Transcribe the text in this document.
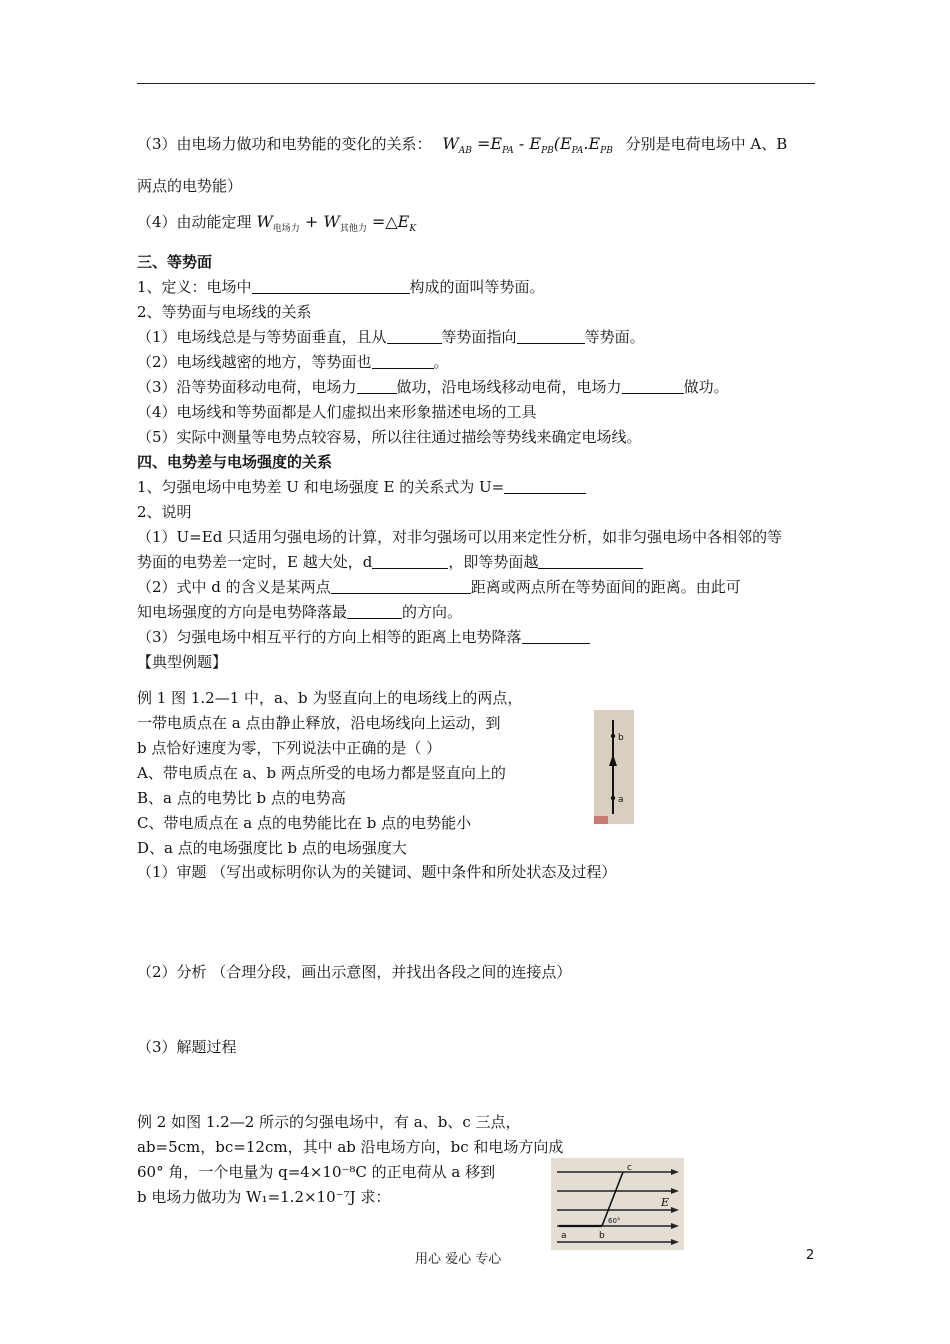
（3）由电场力做功和电势能的变化的关系： $W_{AB} =E_{PA} - E_{PB}(E_{PA}.E_{PB}$ 分别是电荷电场中 A、B
两点的电势能）
（4）由动能定理 $W_{电场力} + W_{其他力}$ $=\triangle E_K$
三、等势面
1、定义：电场中	构成的面叫等势面。
2、等势面与电场线的关系
（1）电场线总是与等势面垂直，且从	等势面指向	等势面。
（2）电场线越密的地方，等势面也	。
（3）沿等势面移动电荷，电场力	做功，沿电场线移动电荷，电场力	做功。
（4）电场线和等势面都是人们虚拟出来形象描述电场的工具
（5）实际中测量等电势点较容易，所以往往通过描绘等势线来确定电场线。
四、电势差与电场强度的关系
1、匀强电场中电势差 U 和电场强度 E 的关系式为 U=
2、说明
（1）U=Ed 只适用匀强电场的计算，对非匀强场可以用来定性分析，如非匀强电场中各相邻的等
势面的电势差一定时，E 越大处，d	，即等势面越
（2）式中 d 的含义是某两点	距离或两点所在等势面间的距离。由此可
知电场强度的方向是电势降落最	的方向。
（3）匀强电场中相互平行的方向上相等的距离上电势降落
【典型例题】
例 1 图 1.2—1 中，a、b 为竖直向上的电场线上的两点，
一带电质点在 a 点由静止释放，沿电场线向上运动，到
b 点恰好速度为零，下列说法中正确的是（ ）
A、带电质点在 a、b 两点所受的电场力都是竖直向上的
B、a 点的电势比 b 点的电势高
C、带电质点在 a 点的电势能比在 b 点的电势能小
D、a 点的电场强度比 b 点的电场强度大
b
a
（1）审题 （写出或标明你认为的关键词、题中条件和所处状态及过程）
（2）分析 （合理分段，画出示意图，并找出各段之间的连接点）
（3）解题过程
例 2 如图 1.2—2 所示的匀强电场中，有 a、b、c 三点，
ab=5cm，bc=12cm，其中 ab 沿电场方向，bc 和电场方向成
60° 角，一个电量为 q=4×10⁻⁸C 的正电荷从 a 移到
b 电场力做功为 W₁=1.2×10⁻⁷J 求：
c
E
a	b
60°
用心 爱心 专心	2
